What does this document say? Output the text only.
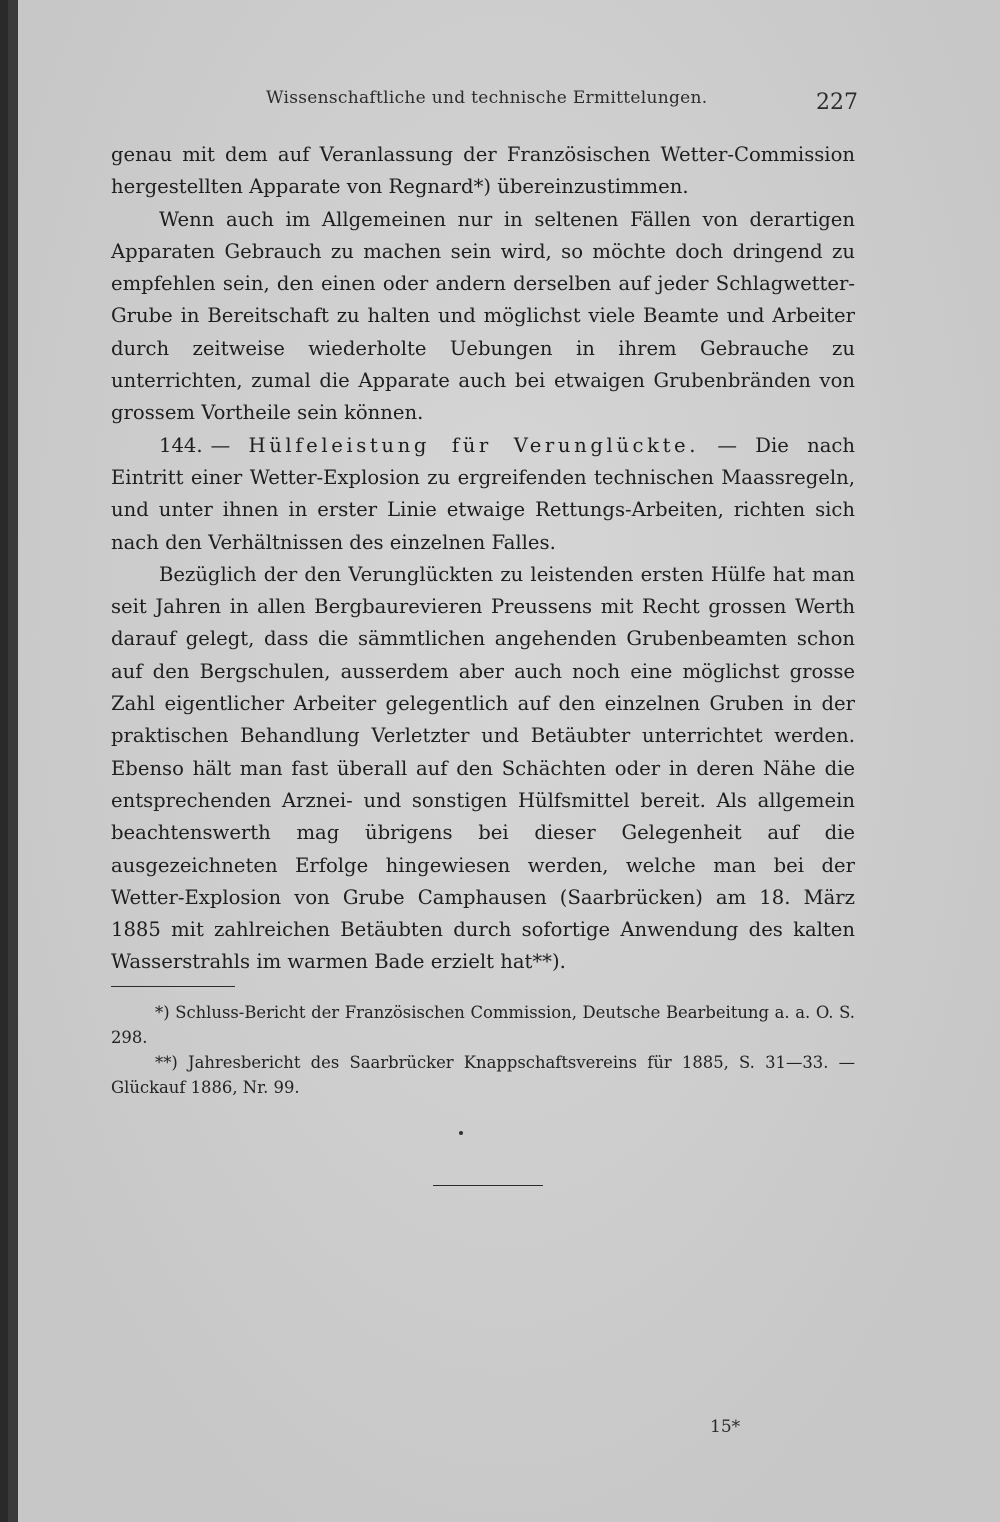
Wissenschaftliche und technische Ermittelungen.	227

genau mit dem auf Veranlassung der Französischen Wetter-Commission hergestellten Apparate von Regnard*) übereinzustimmen.

Wenn auch im Allgemeinen nur in seltenen Fällen von derartigen Apparaten Gebrauch zu machen sein wird, so möchte doch dringend zu empfehlen sein, den einen oder andern derselben auf jeder Schlagwetter-Grube in Bereitschaft zu halten und möglichst viele Beamte und Arbeiter durch zeitweise wiederholte Uebungen in ihrem Gebrauche zu unterrichten, zumal die Apparate auch bei etwaigen Grubenbränden von grossem Vortheile sein können.

144. — Hülfeleistung für Verunglückte. — Die nach Eintritt einer Wetter-Explosion zu ergreifenden technischen Maassregeln, und unter ihnen in erster Linie etwaige Rettungs-Arbeiten, richten sich nach den Verhältnissen des einzelnen Falles.

Bezüglich der den Verunglückten zu leistenden ersten Hülfe hat man seit Jahren in allen Bergbaurevieren Preussens mit Recht grossen Werth darauf gelegt, dass die sämmtlichen angehenden Grubenbeamten schon auf den Bergschulen, ausserdem aber auch noch eine möglichst grosse Zahl eigentlicher Arbeiter gelegentlich auf den einzelnen Gruben in der praktischen Behandlung Verletzter und Betäubter unterrichtet werden. Ebenso hält man fast überall auf den Schächten oder in deren Nähe die entsprechenden Arznei- und sonstigen Hülfsmittel bereit. Als allgemein beachtenswerth mag übrigens bei dieser Gelegenheit auf die ausgezeichneten Erfolge hingewiesen werden, welche man bei der Wetter-Explosion von Grube Camphausen (Saarbrücken) am 18. März 1885 mit zahlreichen Betäubten durch sofortige Anwendung des kalten Wasserstrahls im warmen Bade erzielt hat**).

*) Schluss-Bericht der Französischen Commission, Deutsche Bearbeitung a. a. O. S. 298.

**) Jahresbericht des Saarbrücker Knappschaftsvereins für 1885, S. 31—33. — Glückauf 1886, Nr. 99.

15*
